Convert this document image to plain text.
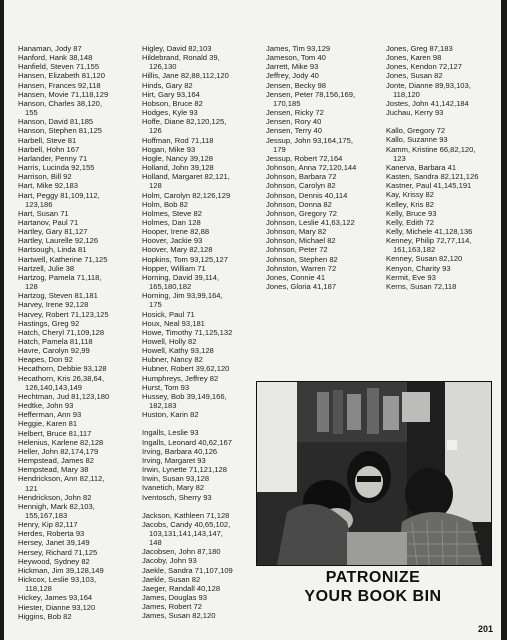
Hanaman, Jody 87
Hanford, Hank 38,148
Hanfield, Steven 71,155
Hansen, Elizabeth 81,120
Hansen, Frances 92,118
Hansen, Movie 71,118,129
Hanson, Charles 38,120,
155
Hanson, David 81,185
Hanson, Stephen 81,125
Harbell, Steve 81
Harbell, Hohn 167
Harlander, Penny 71
Harris, Lucinda 92,155
Harrison, Bill 92
Hart, Mike 92,183
Hart, Peggy 81,109,112,
123,186
Hart, Susan 71
Hartanov, Paul 71
Hartley, Gary 81,127
Hartley, Laurelle 92,126
Hartsough, Linda 81
Hartwell, Katherine 71,125
Hartzell, Julie 38
Hartzog, Pamela 71,118,
128
Hartzog, Steven 81,181
Harvey, Irene 92,128
Harvey, Robert 71,123,125
Hastings, Greg 92
Hatch, Cheryl 71,109,128
Hatch, Pamela 81,118
Havre, Carolyn 92,99
Heapes, Don 92
Hecathorn, Debbie 93,128
Hecathorn, Kris 26,38,64,
126,140,143,149
Hechtman, Jud 81,123,180
Hedtke, John 93
Hefferman, Ann 93
Heggie, Karen 81
Helbert, Bruce 81,117
Helenius, Karlene 82,128
Heller, John 82,174,179
Hempstead, James 82
Hempstead, Mary 38
Hendrickson, Ann 82,112,
121
Hendrickson, John 82
Hennigh, Mark 82,103,
155,167,183
Henry, Kip 82,117
Herdes, Roberta 93
Hersey, Janet 39,149
Hersey, Richard 71,125
Heywood, Sydney 82
Hickman, Jim 39,128,149
Hickcox, Leslie 93,103,
118,128
Hickey, James 93,164
Hiester, Dianne 93,120
Higgins, Bob 82
Higley, David 82,103
Hildebrand, Ronald 39,
126,130
Hillis, Jane 82,88,112,120
Hinds, Gary 82
Hirt, Gary 93,164
Hobson, Bruce 82
Hodges, Kyle 93
Hoffe, Diane 82,120,125,
126
Hoffman, Rod 71,118
Hogan, Mike 93
Hogle, Nancy 39,128
Holland, John 39,128
Holland, Margaret 82,121,
128
Holm, Carolyn 82,126,129
Holm, Bob 82
Holmes, Steve 82
Holmes, Dan 128
Hooper, Irene 82,88
Hoover, Jackie 93
Hoover, Mary 82,128
Hopkins, Tom 93,125,127
Hopper, William 71
Horning, David 39,114,
165,180,182
Horning, Jim 93,99,164,
175
Hosick, Paul 71
Houx, Neal 93,181
Howe, Timothy 71,125,132
Howell, Holly 82
Howell, Kathy 93,128
Hubner, Nancy 82
Hubner, Robert 39,62,120
Humphreys, Jeffrey 82
Hurst, Tom 93
Hussey, Bob 39,149,166,
182,183
Huston, Karin 82
Ingalls, Leslie 93
Ingalls, Leonard 40,62,167
Irving, Barbara 40,126
Irving, Margaret 93
Irwin, Lynette 71,121,128
Irwin, Susan 93,128
Ivanetich, Mary 82
Iventosch, Sherry 93
Jackson, Kathleen 71,128
Jacobs, Candy 40,65,102,
103,131,141,143,147,
148
Jacobsen, John 87,180
Jacoby, John 93
Jaekle, Sandra 71,107,109
Jaekle, Susan 82
Jaeger, Randall 40,128
James, Douglas 93
James, Robert 72
James, Susan 82,120
James, Tim 93,129
Jameson, Tom 40
Jarrett, Mike 93
Jeffrey, Jody 40
Jensen, Becky 98
Jensen, Peter 78,156,169,
170,185
Jensen, Ricky 72
Jensen, Rory 40
Jensen, Terry 40
Jessup, John 93,164,175,
179
Jessup, Robert 72,164
Johnson, Anna 72,120,144
Johnson, Barbara 72
Johnson, Carolyn 82
Johnson, Dennis 40,114
Johnson, Donna 82
Johnson, Gregory 72
Johnson, Leslie 41,63,122
Johnson, Mary 82
Johnson, Michael 82
Johnson, Peter 72
Johnson, Stephen 82
Johnston, Warren 72
Jones, Connie 41
Jones, Gloria 41,187
Jones, Greg 87,183
Jones, Karen 98
Jones, Kendon 72,127
Jones, Susan 82
Jonte, Dianne 89,93,103,
118,120
Jostes, John 41,142,184
Juchau, Kerry 93
Kallo, Gregory 72
Kallo, Suzanne 93
Kamm, Kristine 66,82,120,
123
Kanerva, Barbara 41
Kasten, Sandra 82,121,126
Kastner, Paul 41,145,191
Kay, Krissy 82
Kelley, Kris 82
Kelly, Bruce 93
Kelly, Edith 72
Kelly, Michele 41,128,136
Kenney, Philip 72,77,114,
161,163,182
Kenney, Susan 82,120
Kenyon, Charity 93
Kermit, Eve 93
Kerns, Susan 72,118
PATRONIZE
YOUR BOOK BIN
201
